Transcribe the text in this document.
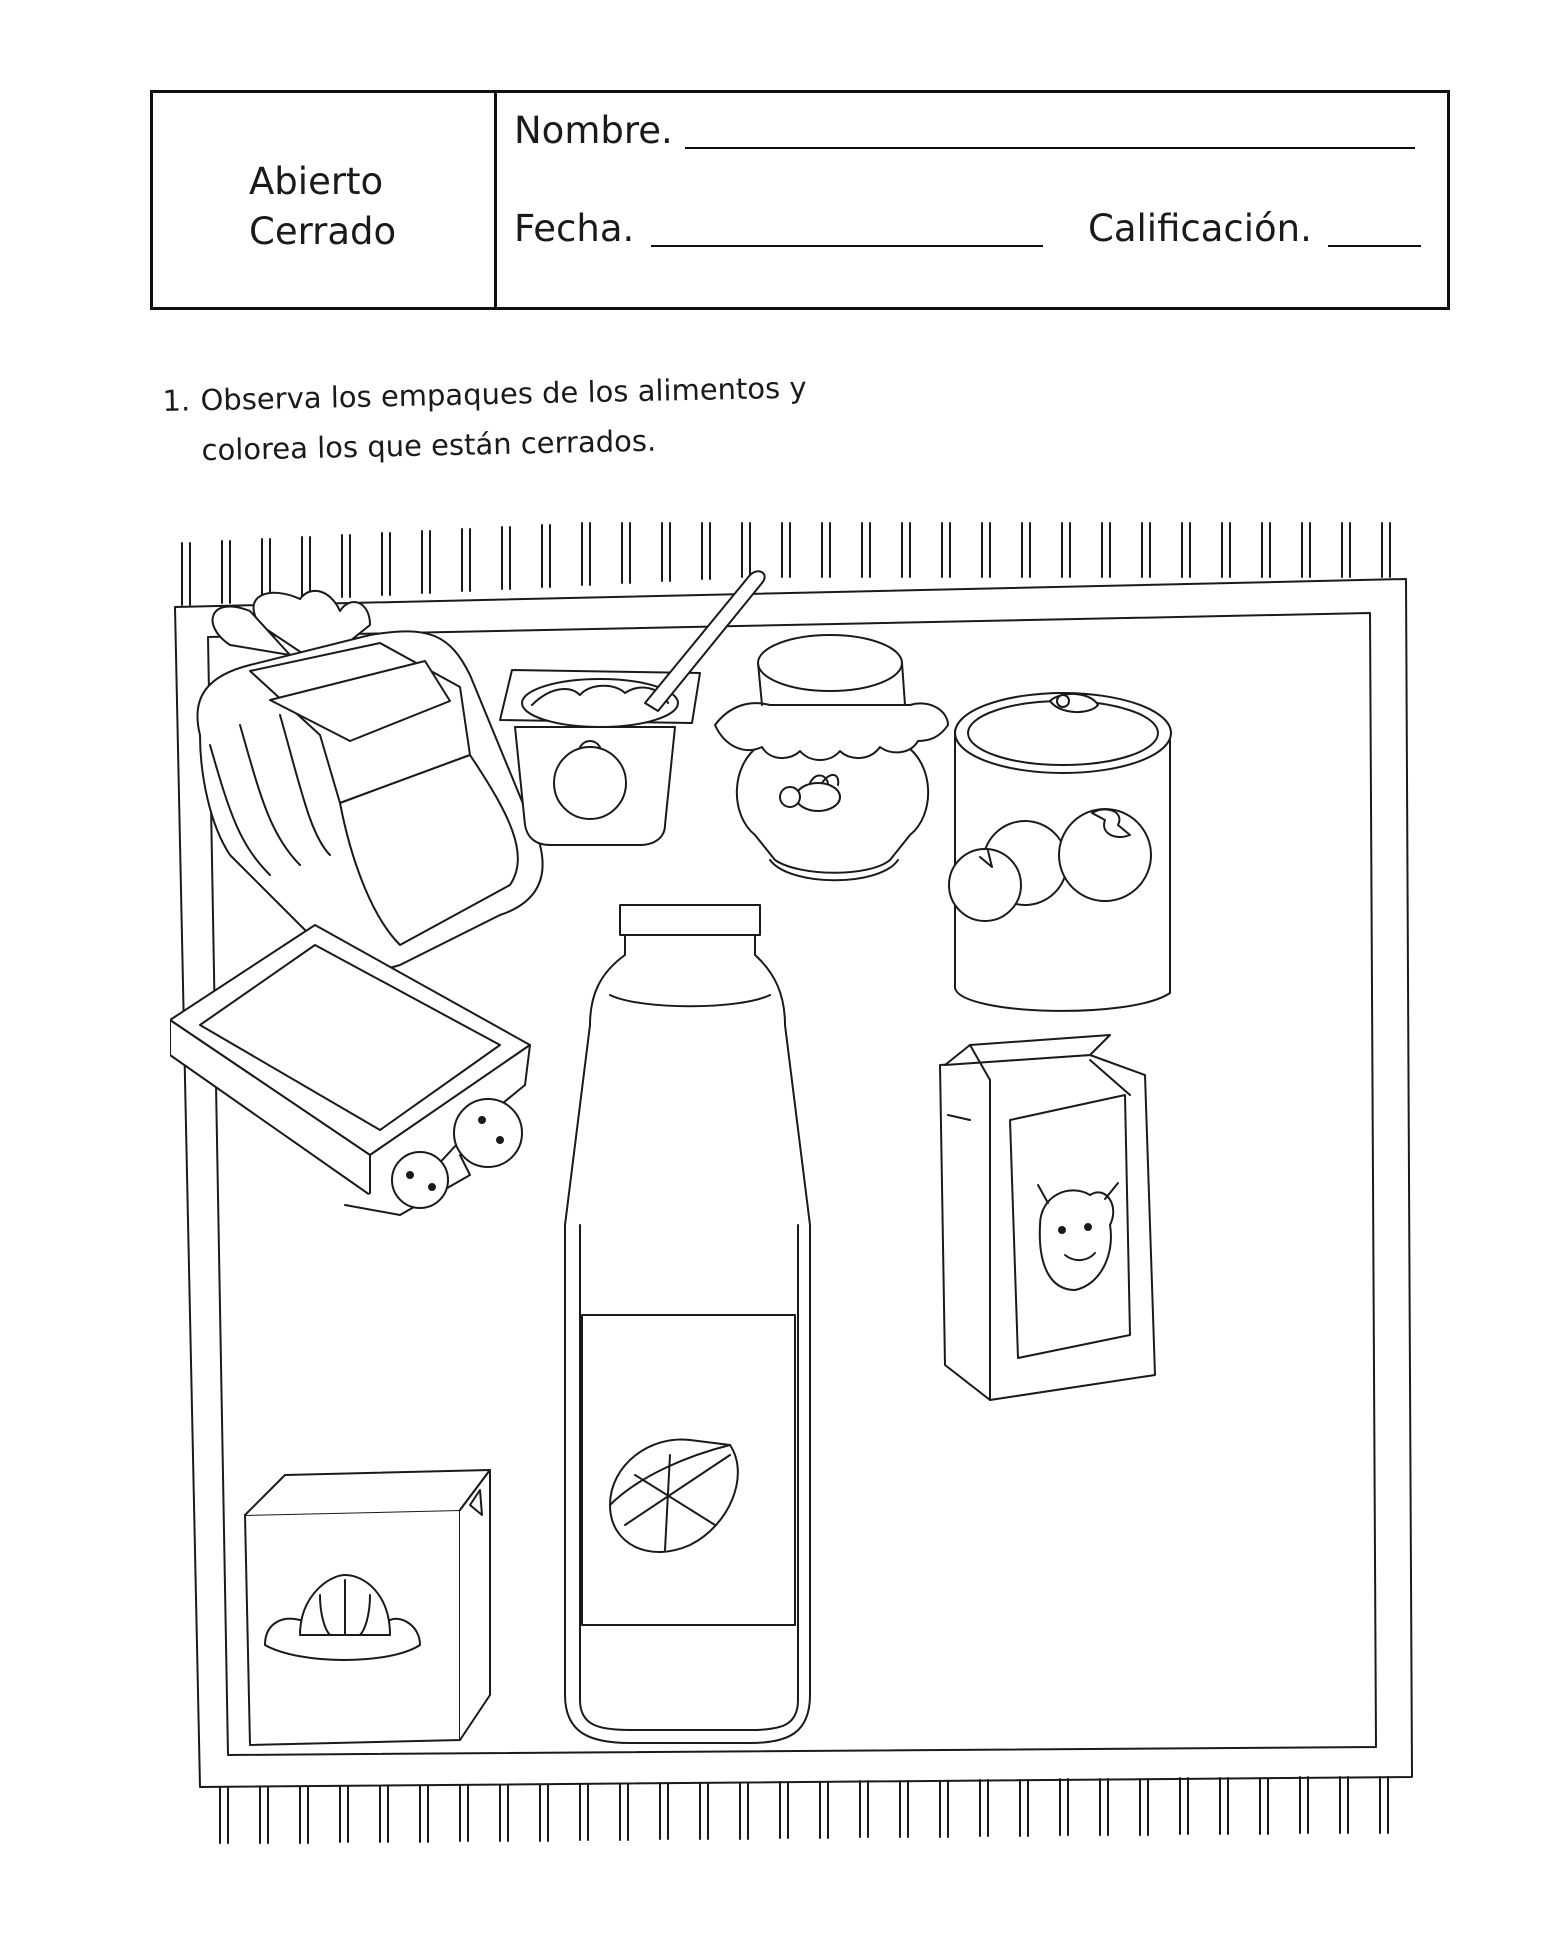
Abierto
Cerrado
Nombre.
Fecha.	Calificación.
1. Observa los empaques de los alimentos y
colorea los que están cerrados.
